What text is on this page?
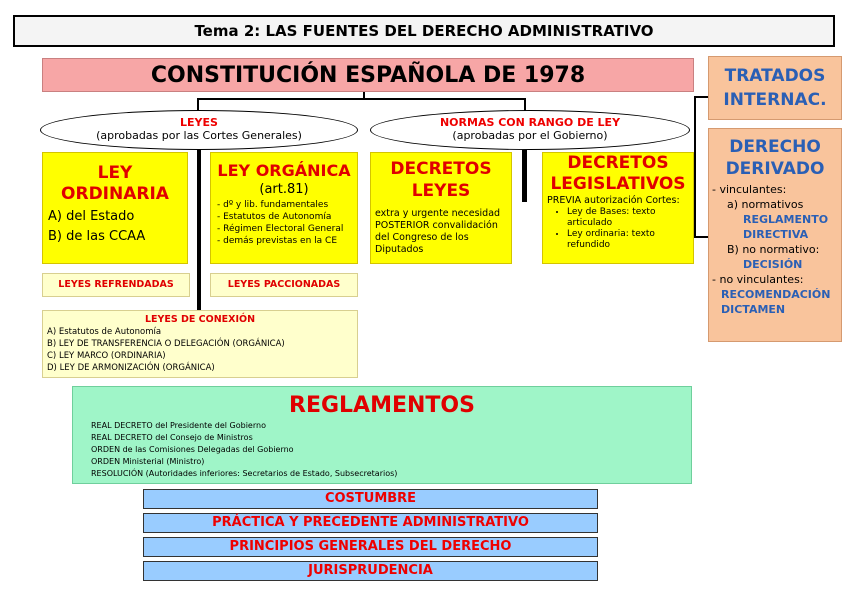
Tema 2: LAS FUENTES DEL DERECHO ADMINISTRATIVO
CONSTITUCIÓN ESPAÑOLA DE 1978	TRATADOS
INTERNAC.
DERECHO
DERIVADO
- vinculantes:
a) normativos
REGLAMENTO
DIRECTIVA
B) no normativo:
DECISIÓN
- no vinculantes:
RECOMENDACIÓN
DICTAMEN
LEYES
(aprobadas por las Cortes Generales)
NORMAS CON RANGO DE LEY
(aprobadas por el Gobierno)
LEY
ORDINARIA
A) del Estado
B) de las CCAA
LEY ORGÁNICA
(art.81)
- dº y lib. fundamentales
- Estatutos de Autonomía
- Régimen Electoral General
- demás previstas en la CE
DECRETOS
LEYES
extra y urgente necesidad
POSTERIOR convalidación
del Congreso de los
Diputados
DECRETOS
LEGISLATIVOS
PREVIA autorización Cortes:
• Ley de Bases: texto articulado
• Ley ordinaria: texto refundido
LEYES REFRENDADAS	LEYES PACCIONADAS
LEYES DE CONEXIÓN
A) Estatutos de Autonomía
B) LEY DE TRANSFERENCIA O DELEGACIÓN (ORGÁNICA)
C) LEY MARCO (ORDINARIA)
D) LEY DE ARMONIZACIÓN (ORGÁNICA)
REGLAMENTOS
REAL DECRETO del Presidente del Gobierno
REAL DECRETO del Consejo de Ministros
ORDEN de las Comisiones Delegadas del Gobierno
ORDEN Ministerial (Ministro)
RESOLUCIÓN (Autoridades inferiores: Secretarios de Estado, Subsecretarios)
COSTUMBRE
PRÁCTICA Y PRECEDENTE ADMINISTRATIVO
PRINCIPIOS GENERALES DEL DERECHO
JURISPRUDENCIA
